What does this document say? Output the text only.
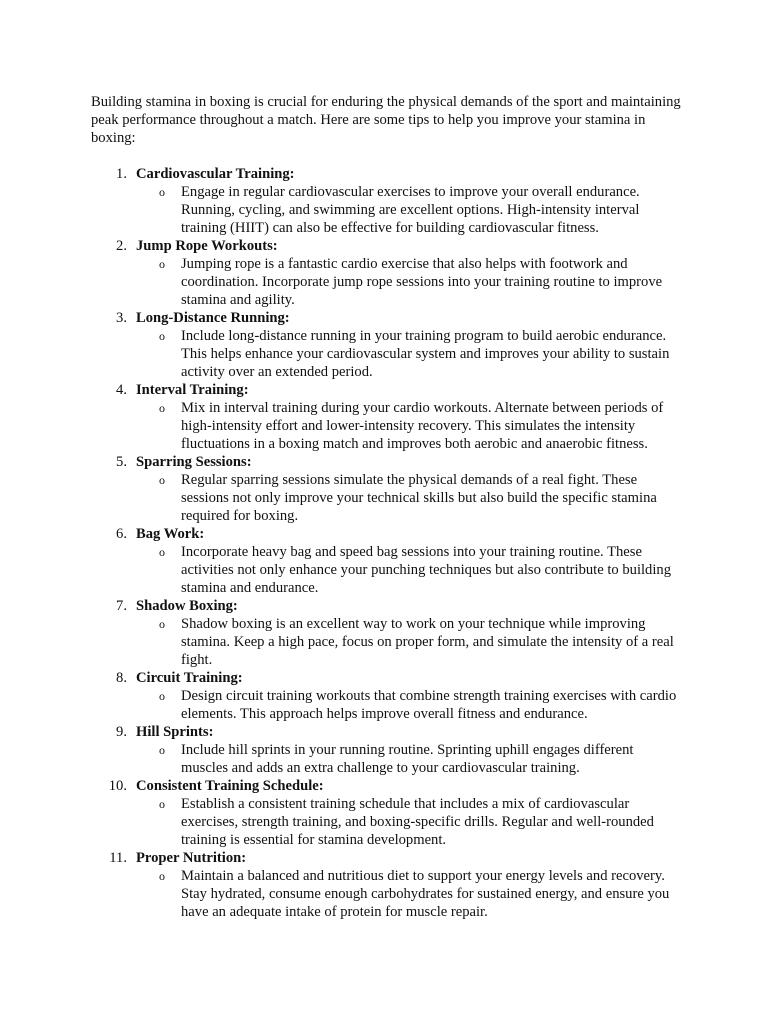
Building stamina in boxing is crucial for enduring the physical demands of the sport and maintaining peak performance throughout a match. Here are some tips to help you improve your stamina in boxing:

1. Cardiovascular Training:
o Engage in regular cardiovascular exercises to improve your overall endurance. Running, cycling, and swimming are excellent options. High-intensity interval training (HIIT) can also be effective for building cardiovascular fitness.
2. Jump Rope Workouts:
o Jumping rope is a fantastic cardio exercise that also helps with footwork and coordination. Incorporate jump rope sessions into your training routine to improve stamina and agility.
3. Long-Distance Running:
o Include long-distance running in your training program to build aerobic endurance. This helps enhance your cardiovascular system and improves your ability to sustain activity over an extended period.
4. Interval Training:
o Mix in interval training during your cardio workouts. Alternate between periods of high-intensity effort and lower-intensity recovery. This simulates the intensity fluctuations in a boxing match and improves both aerobic and anaerobic fitness.
5. Sparring Sessions:
o Regular sparring sessions simulate the physical demands of a real fight. These sessions not only improve your technical skills but also build the specific stamina required for boxing.
6. Bag Work:
o Incorporate heavy bag and speed bag sessions into your training routine. These activities not only enhance your punching techniques but also contribute to building stamina and endurance.
7. Shadow Boxing:
o Shadow boxing is an excellent way to work on your technique while improving stamina. Keep a high pace, focus on proper form, and simulate the intensity of a real fight.
8. Circuit Training:
o Design circuit training workouts that combine strength training exercises with cardio elements. This approach helps improve overall fitness and endurance.
9. Hill Sprints:
o Include hill sprints in your running routine. Sprinting uphill engages different muscles and adds an extra challenge to your cardiovascular training.
10. Consistent Training Schedule:
o Establish a consistent training schedule that includes a mix of cardiovascular exercises, strength training, and boxing-specific drills. Regular and well-rounded training is essential for stamina development.
11. Proper Nutrition:
o Maintain a balanced and nutritious diet to support your energy levels and recovery. Stay hydrated, consume enough carbohydrates for sustained energy, and ensure you have an adequate intake of protein for muscle repair.
